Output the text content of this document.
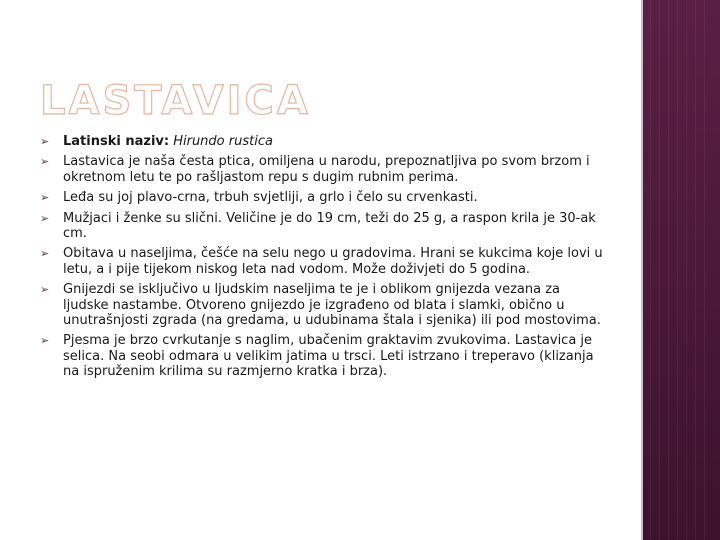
LASTAVICA
➢ Latinski naziv: Hirundo rustica
➢ Lastavica je naša česta ptica, omiljena u narodu, prepoznatljiva po svom brzom i okretnom letu te po rašljastom repu s dugim rubnim perima.
➢ Leđa su joj plavo-crna, trbuh svjetliji, a grlo i čelo su crvenkasti.
➢ Mužjaci i ženke su slični. Veličine je do 19 cm, teži do 25 g, a raspon krila je 30-ak cm.
➢ Obitava u naseljima, češće na selu nego u gradovima. Hrani se kukcima koje lovi u letu, a i pije tijekom niskog leta nad vodom. Može doživjeti do 5 godina.
➢ Gnijezdi se isključivo u ljudskim naseljima te je i oblikom gnijezda vezana za ljudske nastambe. Otvoreno gnijezdo je izgrađeno od blata i slamki, obično u unutrašnjosti zgrada (na gredama, u udubinama štala i sjenika) ili pod mostovima.
➢ Pjesma je brzo cvrkutanje s naglim, ubačenim graktavim zvukovima. Lastavica je selica. Na seobi odmara u velikim jatima u trsci. Leti istrzano i treperavo (klizanja na ispruženim krilima su razmjerno kratka i brza).
